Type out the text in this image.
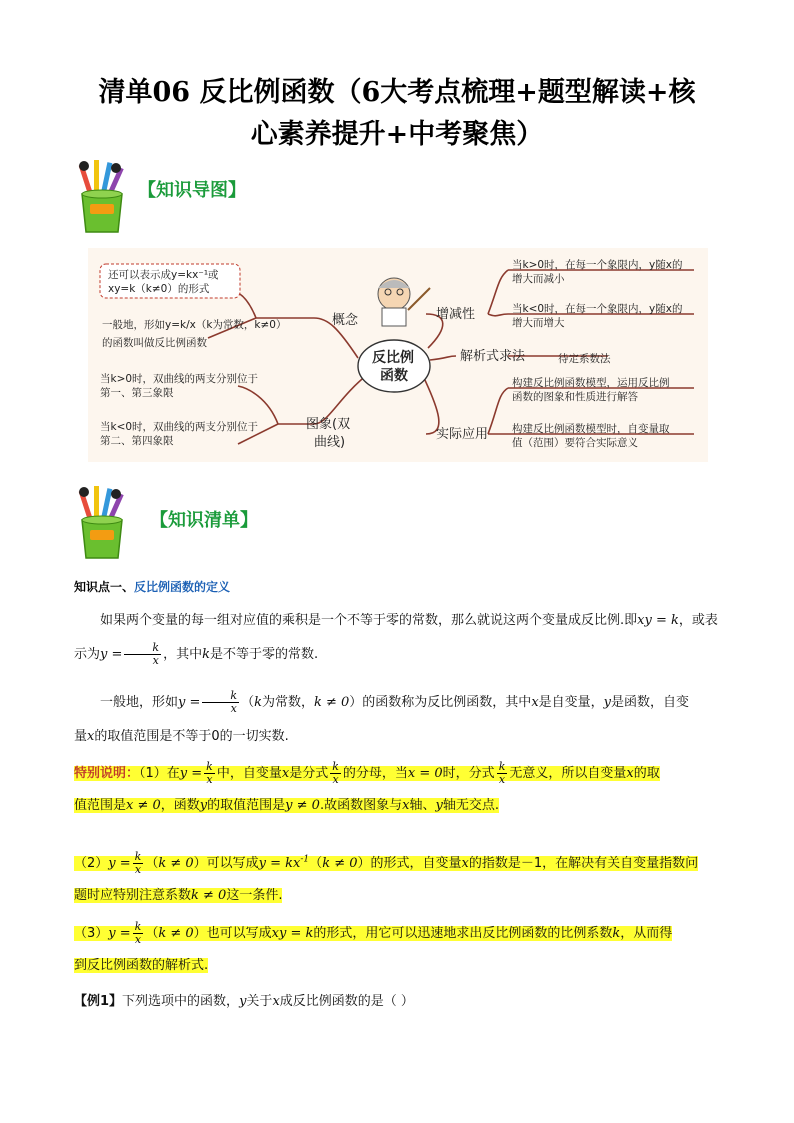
清单06 反比例函数（6大考点梳理+题型解读+核
心素养提升+中考聚焦）
【知识导图】
还可以表示成y=kx⁻¹或
xy=k（k≠0）的形式
一般地，形如y=k/x（k为常数，k≠0）
的函数叫做反比例函数
概念
当k>0时，双曲线的两支分别位于
第一、第三象限
当k<0时，双曲线的两支分别位于
第二、第四象限
图象(双
曲线)
反比例
函数
增减性
解析式求法
实际应用
当k>0时，在每一个象限内，y随x的
增大而减小
当k<0时，在每一个象限内，y随x的
增大而增大
待定系数法
构建反比例函数模型，运用反比例
函数的图象和性质进行解答
构建反比例函数模型时，自变量取
值（范围）要符合实际意义
【知识清单】
知识点一、反比例函数的定义
如果两个变量的每一组对应值的乘积是一个不等于零的常数，那么就说这两个变量成反比例.即xy = k，或表示为$y = \frac{k}{x}$ ，其中k是不等于零的常数.
一般地，形如$y = \frac{k}{x} (k$为常数，k ≠ 0）的函数称为反比例函数，其中x是自变量，y是函数，自变
量x的取值范围是不等于0的一切实数.
特别说明：（1）在$y = \frac{k}{x}$ 中，自变量x是分式 $\frac{k}{x}$ 的分母，当x = 0时，分式 $\frac{k}{x}$ 无意义，所以自变量x的取
值范围是x ≠ 0，函数y的取值范围是y ≠ 0.故函数图象与x轴、y轴无交点.
$(2)y = \frac{k}{x} (k \ne 0)$可以写成$y = kx^{-1}(k \ne 0)$的形式，自变量x的指数是－1，在解决有关自变量指数问
题时应特别注意系数k ≠ 0这一条件.
$(3)y = \frac{k}{x} (k \ne 0)$也可以写成xy = k的形式，用它可以迅速地求出反比例函数的比例系数k，从而得
到反比例函数的解析式.
【例1】下列选项中的函数，y关于x成反比例函数的是（ ）
